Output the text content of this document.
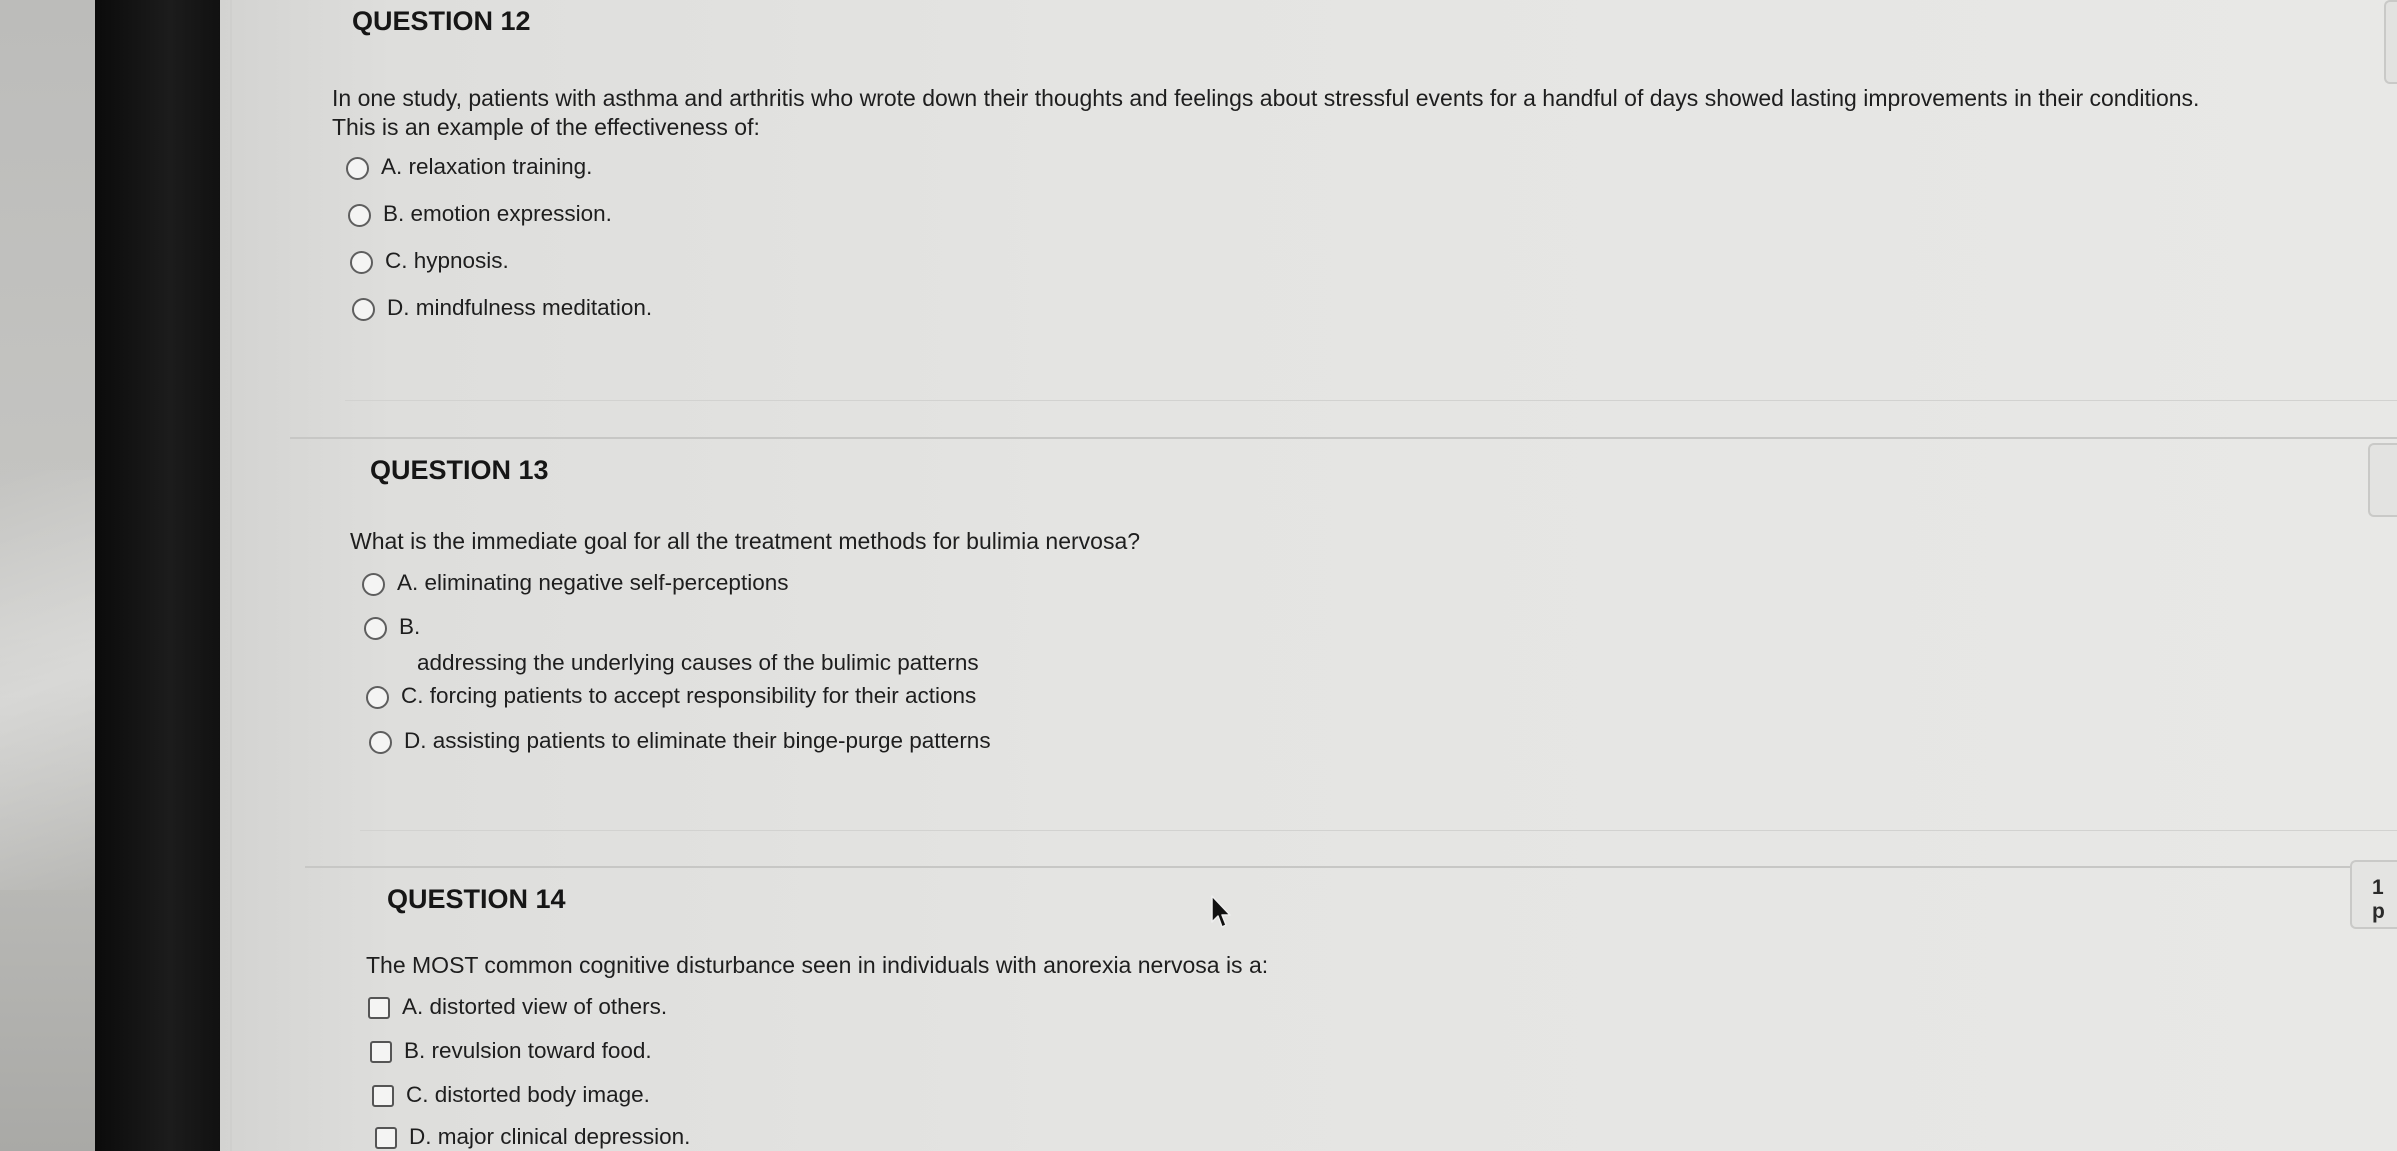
QUESTION 12
In one study, patients with asthma and arthritis who wrote down their thoughts and feelings about stressful events for a handful of days showed lasting improvements in their conditions. This is an example of the effectiveness of:
A. relaxation training.
B. emotion expression.
C. hypnosis.
D. mindfulness meditation.
QUESTION 13
What is the immediate goal for all the treatment methods for bulimia nervosa?
A. eliminating negative self-perceptions
B.
addressing the underlying causes of the bulimic patterns
C. forcing patients to accept responsibility for their actions
D. assisting patients to eliminate their binge-purge patterns
QUESTION 14
The MOST common cognitive disturbance seen in individuals with anorexia nervosa is a:
A. distorted view of others.
B. revulsion toward food.
C. distorted body image.
D. major clinical depression.
1 p
